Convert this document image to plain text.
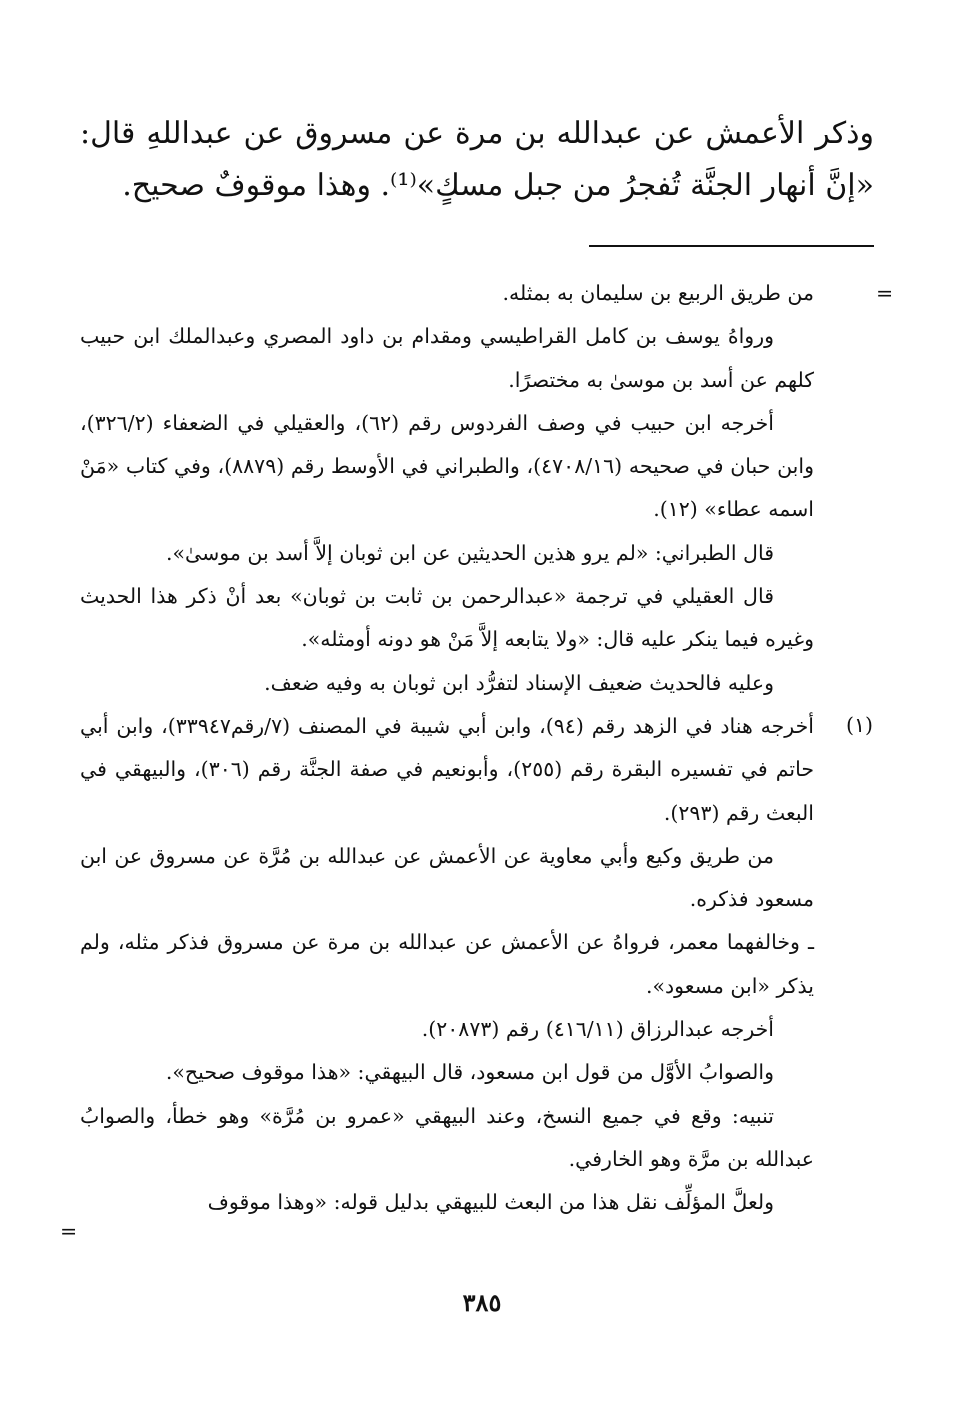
وذكر الأعمش عن عبدالله بن مرة عن مسروق عن عبداللهِ قال: «إنَّ أنهار الجنَّة تُفجرُ من جبل مسكٍ»⁽¹⁾. وهذا موقوفٌ صحيح.

=
(١)
=

من طريق الربيع بن سليمان به بمثله.

ورواهُ يوسف بن كامل القراطيسي ومقدام بن داود المصري وعبدالملك ابن حبيب كلهم عن أسد بن موسىٰ به مختصرًا.

أخرجه ابن حبيب في وصف الفردوس رقم (٦٢)، والعقيلي في الضعفاء (٣٢٦/٢)، وابن حبان في صحيحه (٤٧٠٨/١٦)، والطبراني في الأوسط رقم (٨٨٧٩)، وفي كتاب «مَنْ اسمه عطاء» (١٢).

قال الطبراني: «لم يرو هذين الحديثين عن ابن ثوبان إلاَّ أسد بن موسىٰ».

قال العقيلي في ترجمة «عبدالرحمن بن ثابت بن ثوبان» بعد أنْ ذكر هذا الحديث وغيره فيما ينكر عليه قال: «ولا يتابعه إلاَّ مَنْ هو دونه أومثله».

وعليه فالحديث ضعيف الإسناد لتفرُّد ابن ثوبان به وفيه ضعف.

أخرجه هناد في الزهد رقم (٩٤)، وابن أبي شيبة في المصنف (٧/رقم٣٣٩٤٧)، وابن أبي حاتم في تفسيره البقرة رقم (٢٥٥)، وأبونعيم في صفة الجنَّة رقم (٣٠٦)، والبيهقي في البعث رقم (٢٩٣).

من طريق وكيع وأبي معاوية عن الأعمش عن عبدالله بن مُرَّة عن مسروق عن ابن مسعود فذكره.

ـ وخالفهما معمر، فرواهُ عن الأعمش عن عبدالله بن مرة عن مسروق فذكر مثله، ولم يذكر «ابن مسعود».

أخرجه عبدالرزاق (٤١٦/١١) رقم (٢٠٨٧٣).

والصوابُ الأوَّل من قول ابن مسعود، قال البيهقي: «هذا موقوف صحيح».

تنبيه: وقع في جميع النسخ، وعند البيهقي «عمرو بن مُرَّة» وهو خطأ، والصوابُ عبدالله بن مرَّة وهو الخارفي.

ولعلَّ المؤلِّف نقل هذا من البعث للبيهقي بدليل قوله: «وهذا موقوف

٣٨٥
